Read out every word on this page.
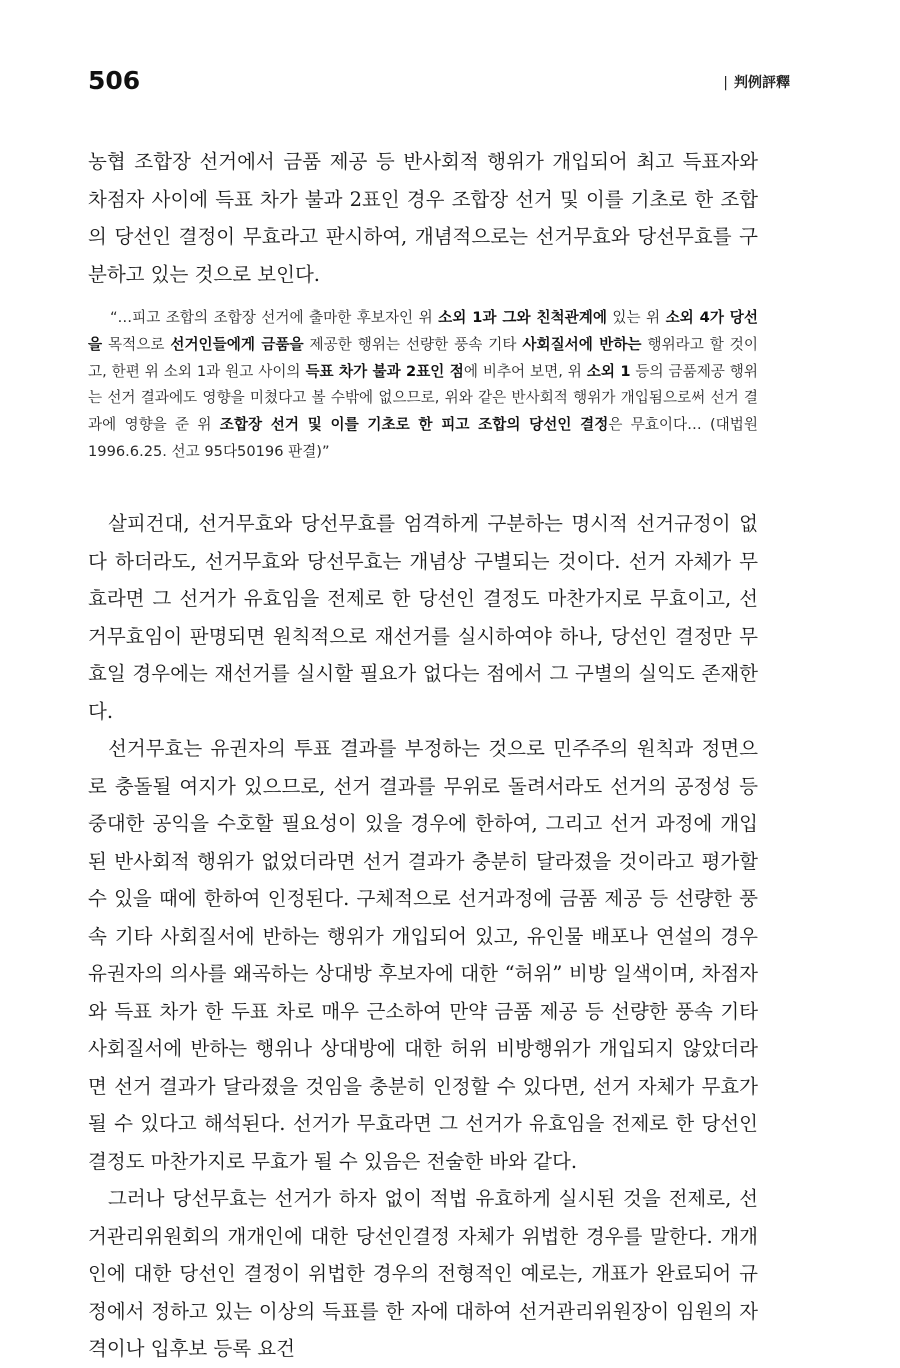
506	| 判例評釋

농협 조합장 선거에서 금품 제공 등 반사회적 행위가 개입되어 최고 득표자와 차점자 사이에 득표 차가 불과 2표인 경우 조합장 선거 및 이를 기초로 한 조합의 당선인 결정이 무효라고 판시하여, 개념적으로는 선거무효와 당선무효를 구분하고 있는 것으로 보인다.

“…피고 조합의 조합장 선거에 출마한 후보자인 위 소외 1과 그와 친척관계에 있는 위 소외 4가 당선을 목적으로 선거인들에게 금품을 제공한 행위는 선량한 풍속 기타 사회질서에 반하는 행위라고 할 것이고, 한편 위 소외 1과 원고 사이의 득표 차가 불과 2표인 점에 비추어 보면, 위 소외 1 등의 금품제공 행위는 선거 결과에도 영향을 미쳤다고 볼 수밖에 없으므로, 위와 같은 반사회적 행위가 개입됨으로써 선거 결과에 영향을 준 위 조합장 선거 및 이를 기초로 한 피고 조합의 당선인 결정은 무효이다… (대법원 1996.6.25. 선고 95다50196 판결)”

살피건대, 선거무효와 당선무효를 엄격하게 구분하는 명시적 선거규정이 없다 하더라도, 선거무효와 당선무효는 개념상 구별되는 것이다. 선거 자체가 무효라면 그 선거가 유효임을 전제로 한 당선인 결정도 마찬가지로 무효이고, 선거무효임이 판명되면 원칙적으로 재선거를 실시하여야 하나, 당선인 결정만 무효일 경우에는 재선거를 실시할 필요가 없다는 점에서 그 구별의 실익도 존재한다.

선거무효는 유권자의 투표 결과를 부정하는 것으로 민주주의 원칙과 정면으로 충돌될 여지가 있으므로, 선거 결과를 무위로 돌려서라도 선거의 공정성 등 중대한 공익을 수호할 필요성이 있을 경우에 한하여, 그리고 선거 과정에 개입된 반사회적 행위가 없었더라면 선거 결과가 충분히 달라졌을 것이라고 평가할 수 있을 때에 한하여 인정된다. 구체적으로 선거과정에 금품 제공 등 선량한 풍속 기타 사회질서에 반하는 행위가 개입되어 있고, 유인물 배포나 연설의 경우 유권자의 의사를 왜곡하는 상대방 후보자에 대한 “허위” 비방 일색이며, 차점자와 득표 차가 한 두표 차로 매우 근소하여 만약 금품 제공 등 선량한 풍속 기타 사회질서에 반하는 행위나 상대방에 대한 허위 비방행위가 개입되지 않았더라면 선거 결과가 달라졌을 것임을 충분히 인정할 수 있다면, 선거 자체가 무효가 될 수 있다고 해석된다. 선거가 무효라면 그 선거가 유효임을 전제로 한 당선인 결정도 마찬가지로 무효가 될 수 있음은 전술한 바와 같다.

그러나 당선무효는 선거가 하자 없이 적법 유효하게 실시된 것을 전제로, 선거관리위원회의 개개인에 대한 당선인결정 자체가 위법한 경우를 말한다. 개개인에 대한 당선인 결정이 위법한 경우의 전형적인 예로는, 개표가 완료되어 규정에서 정하고 있는 이상의 득표를 한 자에 대하여 선거관리위원장이 임원의 자격이나 입후보 등록 요건
